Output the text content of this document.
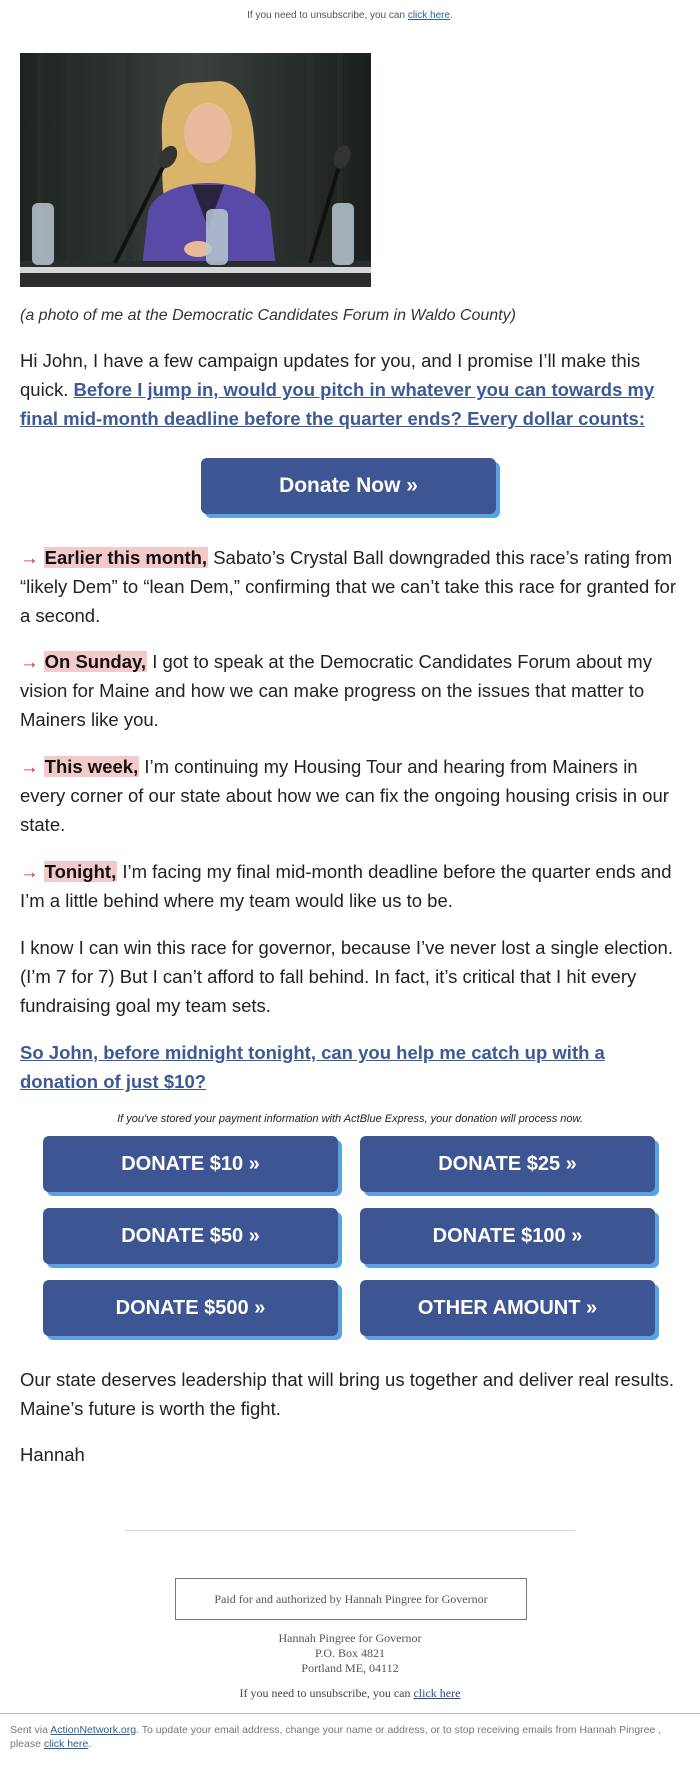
If you need to unsubscribe, you can click here.
(a photo of me at the Democratic Candidates Forum in Waldo County)
Hi John, I have a few campaign updates for you, and I promise I’ll make this quick. Before I jump in, would you pitch in whatever you can towards my final mid-month deadline before the quarter ends? Every dollar counts:
Donate Now »
→ Earlier this month, Sabato’s Crystal Ball downgraded this race’s rating from “likely Dem” to “lean Dem,” confirming that we can’t take this race for granted for a second.
→ On Sunday, I got to speak at the Democratic Candidates Forum about my vision for Maine and how we can make progress on the issues that matter to Mainers like you.
→ This week, I’m continuing my Housing Tour and hearing from Mainers in every corner of our state about how we can fix the ongoing housing crisis in our state.
→ Tonight, I’m facing my final mid-month deadline before the quarter ends and I’m a little behind where my team would like us to be.
I know I can win this race for governor, because I’ve never lost a single election. (I’m 7 for 7) But I can’t afford to fall behind. In fact, it’s critical that I hit every fundraising goal my team sets.
So John, before midnight tonight, can you help me catch up with a donation of just $10?
If you've stored your payment information with ActBlue Express, your donation will process now.
DONATE $10 »	DONATE $25 »
DONATE $50 »	DONATE $100 »
DONATE $500 »	OTHER AMOUNT »
Our state deserves leadership that will bring us together and deliver real results. Maine’s future is worth the fight.
Hannah
Paid for and authorized by Hannah Pingree for Governor
Hannah Pingree for Governor
P.O. Box 4821
Portland ME, 04112
If you need to unsubscribe, you can click here
Sent via ActionNetwork.org. To update your email address, change your name or address, or to stop receiving emails from Hannah Pingree , please click here.
